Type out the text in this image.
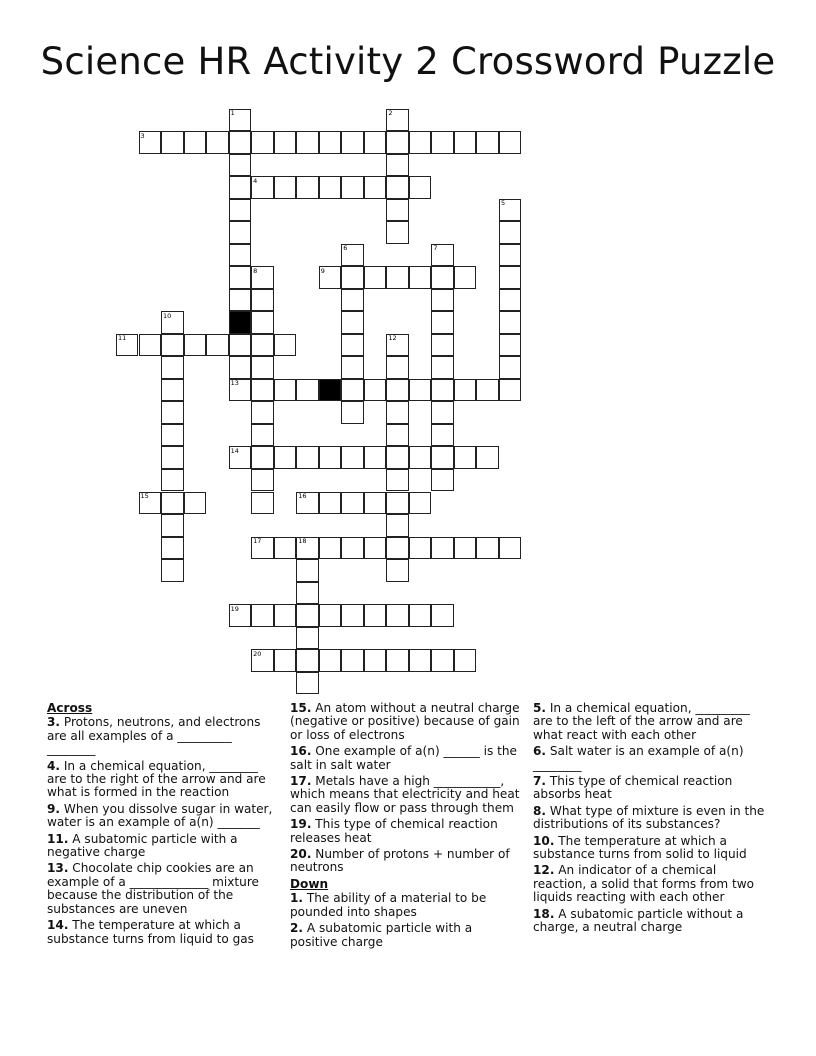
Science HR Activity 2 Crossword Puzzle
1	2
3
4
5
6	7
8	9
10
11	12
13
14
15	16
17	18
19
20
Across
3. Protons, neutrons, and electrons are all examples of a _________ ________
4. In a chemical equation, ________ are to the right of the arrow and are what is formed in the reaction
9. When you dissolve sugar in water, water is an example of a(n) _______
11. A subatomic particle with a negative charge
13. Chocolate chip cookies are an example of a _____________ mixture because the distribution of the substances are uneven
14. The temperature at which a substance turns from liquid to gas
15. An atom without a neutral charge (negative or positive) because of gain or loss of electrons
16. One example of a(n) ______ is the salt in salt water
17. Metals have a high ___________, which means that electricity and heat can easily flow or pass through them
19. This type of chemical reaction releases heat
20. Number of protons + number of neutrons
Down
1. The ability of a material to be pounded into shapes
2. A subatomic particle with a positive charge
5. In a chemical equation, _________ are to the left of the arrow and are what react with each other
6. Salt water is an example of a(n) ________
7. This type of chemical reaction absorbs heat
8. What type of mixture is even in the distributions of its substances?
10. The temperature at which a substance turns from solid to liquid
12. An indicator of a chemical reaction, a solid that forms from two liquids reacting with each other
18. A subatomic particle without a charge, a neutral charge
